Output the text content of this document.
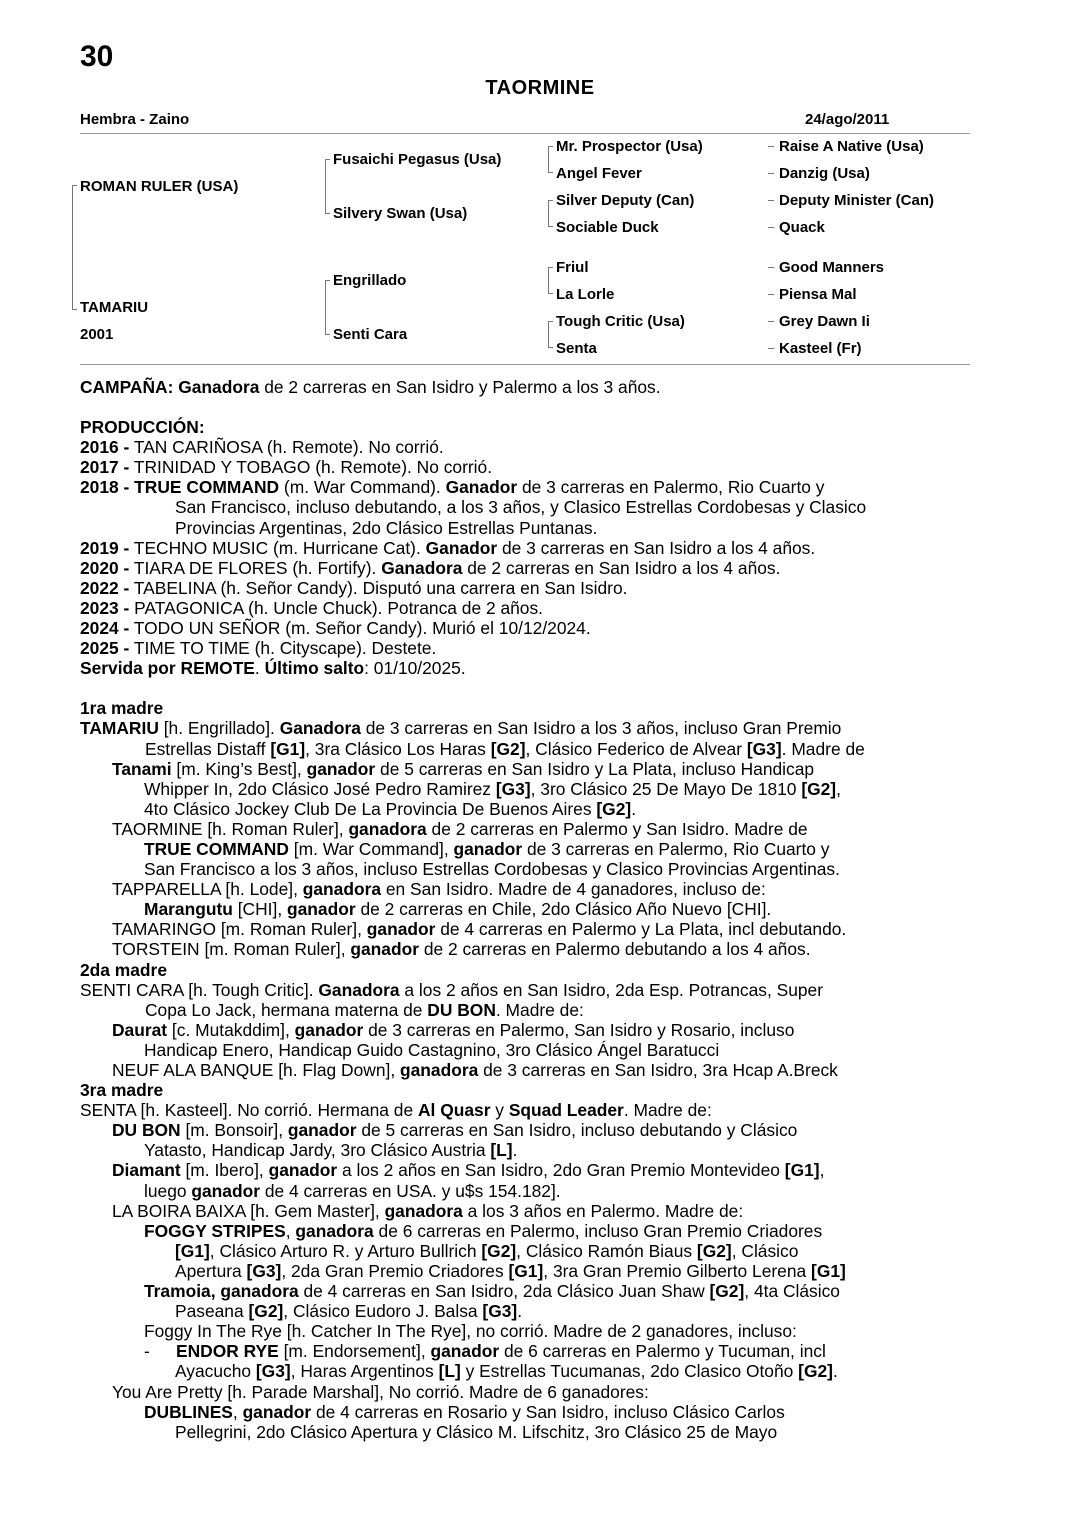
30
TAORMINE
Hembra - Zaino	24/ago/2011
ROMAN RULER (USA)
TAMARIU
2001
Fusaichi Pegasus (Usa)
Silvery Swan (Usa)
Engrillado
Senti Cara
Mr. Prospector (Usa)
Angel Fever
Silver Deputy (Can)
Sociable Duck
Friul
La Lorle
Tough Critic (Usa)
Senta
Raise A Native (Usa)
Danzig (Usa)
Deputy Minister (Can)
Quack
Good Manners
Piensa Mal
Grey Dawn Ii
Kasteel (Fr)

CAMPAÑA: Ganadora de 2 carreras en San Isidro y Palermo a los 3 años.

PRODUCCIÓN:

2016 - TAN CARIÑOSA (h. Remote). No corrió.

2017 - TRINIDAD Y TOBAGO (h. Remote). No corrió.

2018 - TRUE COMMAND (m. War Command). Ganador de 3 carreras en Palermo, Rio Cuarto y

San Francisco, incluso debutando, a los 3 años, y Clasico Estrellas Cordobesas y Clasico

Provincias Argentinas, 2do Clásico Estrellas Puntanas.

2019 - TECHNO MUSIC (m. Hurricane Cat). Ganador de 3 carreras en San Isidro a los 4 años.

2020 - TIARA DE FLORES (h. Fortify). Ganadora de 2 carreras en San Isidro a los 4 años.

2022 - TABELINA (h. Señor Candy). Disputó una carrera en San Isidro.

2023 - PATAGONICA (h. Uncle Chuck). Potranca de 2 años.

2024 - TODO UN SEÑOR (m. Señor Candy). Murió el 10/12/2024.

2025 - TIME TO TIME (h. Cityscape). Destete.

Servida por REMOTE. Último salto: 01/10/2025.

1ra madre

TAMARIU [h. Engrillado]. Ganadora de 3 carreras en San Isidro a los 3 años, incluso Gran Premio

Estrellas Distaff [G1], 3ra Clásico Los Haras [G2], Clásico Federico de Alvear [G3]. Madre de

Tanami [m. King’s Best], ganador de 5 carreras en San Isidro y La Plata, incluso Handicap

Whipper In, 2do Clásico José Pedro Ramirez [G3], 3ro Clásico 25 De Mayo De 1810 [G2],

4to Clásico Jockey Club De La Provincia De Buenos Aires [G2].

TAORMINE [h. Roman Ruler], ganadora de 2 carreras en Palermo y San Isidro. Madre de

TRUE COMMAND [m. War Command], ganador de 3 carreras en Palermo, Rio Cuarto y

San Francisco a los 3 años, incluso Estrellas Cordobesas y Clasico Provincias Argentinas.

TAPPARELLA [h. Lode], ganadora en San Isidro. Madre de 4 ganadores, incluso de:

Marangutu [CHI], ganador de 2 carreras en Chile, 2do Clásico Año Nuevo [CHI].

TAMARINGO [m. Roman Ruler], ganador de 4 carreras en Palermo y La Plata, incl debutando.

TORSTEIN [m. Roman Ruler], ganador de 2 carreras en Palermo debutando a los 4 años.

2da madre

SENTI CARA [h. Tough Critic]. Ganadora a los 2 años en San Isidro, 2da Esp. Potrancas, Super

Copa Lo Jack, hermana materna de DU BON. Madre de:

Daurat [c. Mutakddim], ganador de 3 carreras en Palermo, San Isidro y Rosario, incluso

Handicap Enero, Handicap Guido Castagnino, 3ro Clásico Ángel Baratucci

NEUF ALA BANQUE [h. Flag Down], ganadora de 3 carreras en San Isidro, 3ra Hcap A.Breck

3ra madre

SENTA [h. Kasteel]. No corrió. Hermana de Al Quasr y Squad Leader. Madre de:

DU BON [m. Bonsoir], ganador de 5 carreras en San Isidro, incluso debutando y Clásico

Yatasto, Handicap Jardy, 3ro Clásico Austria [L].

Diamant [m. Ibero], ganador a los 2 años en San Isidro, 2do Gran Premio Montevideo [G1],

luego ganador de 4 carreras en USA. y u$s 154.182].

LA BOIRA BAIXA [h. Gem Master], ganadora a los 3 años en Palermo. Madre de:

FOGGY STRIPES, ganadora de 6 carreras en Palermo, incluso Gran Premio Criadores

[G1], Clásico Arturo R. y Arturo Bullrich [G2], Clásico Ramón Biaus [G2], Clásico

Apertura [G3], 2da Gran Premio Criadores [G1], 3ra Gran Premio Gilberto Lerena [G1]

Tramoia, ganadora de 4 carreras en San Isidro, 2da Clásico Juan Shaw [G2], 4ta Clásico

Paseana [G2], Clásico Eudoro J. Balsa [G3].

Foggy In The Rye [h. Catcher In The Rye], no corrió. Madre de 2 ganadores, incluso:

- ENDOR RYE [m. Endorsement], ganador de 6 carreras en Palermo y Tucuman, incl

Ayacucho [G3], Haras Argentinos [L] y Estrellas Tucumanas, 2do Clasico Otoño [G2].

You Are Pretty [h. Parade Marshal], No corrió. Madre de 6 ganadores:

DUBLINES, ganador de 4 carreras en Rosario y San Isidro, incluso Clásico Carlos

Pellegrini, 2do Clásico Apertura y Clásico M. Lifschitz, 3ro Clásico 25 de Mayo
